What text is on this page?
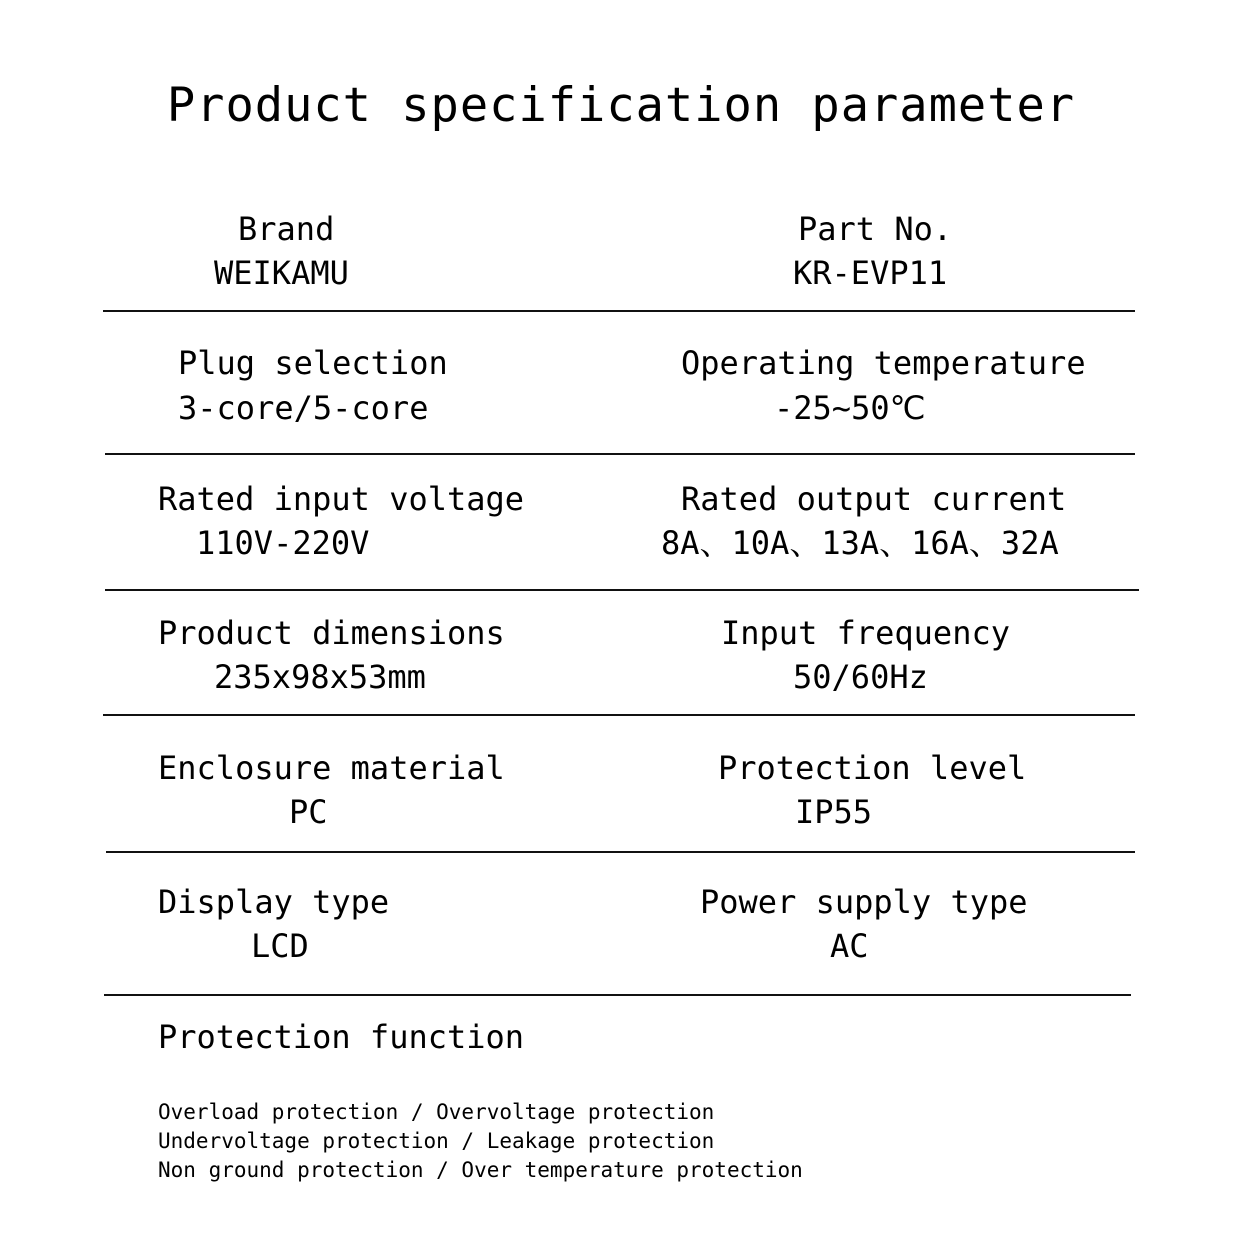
Product specification parameter
Brand
WEIKAMU
Part No.
KR-EVP11
Plug selection
3-core/5-core
Operating temperature
-25~50℃
Rated input voltage
110V-220V
Rated output current
8A、10A、13A、16A、32A
Product dimensions
235x98x53mm
Input frequency
50/60Hz
Enclosure material
PC
Protection level
IP55
Display type
LCD
Power supply type
AC
Protection function
Overload protection / Overvoltage protection
Undervoltage protection / Leakage protection
Non ground protection / Over temperature protection
